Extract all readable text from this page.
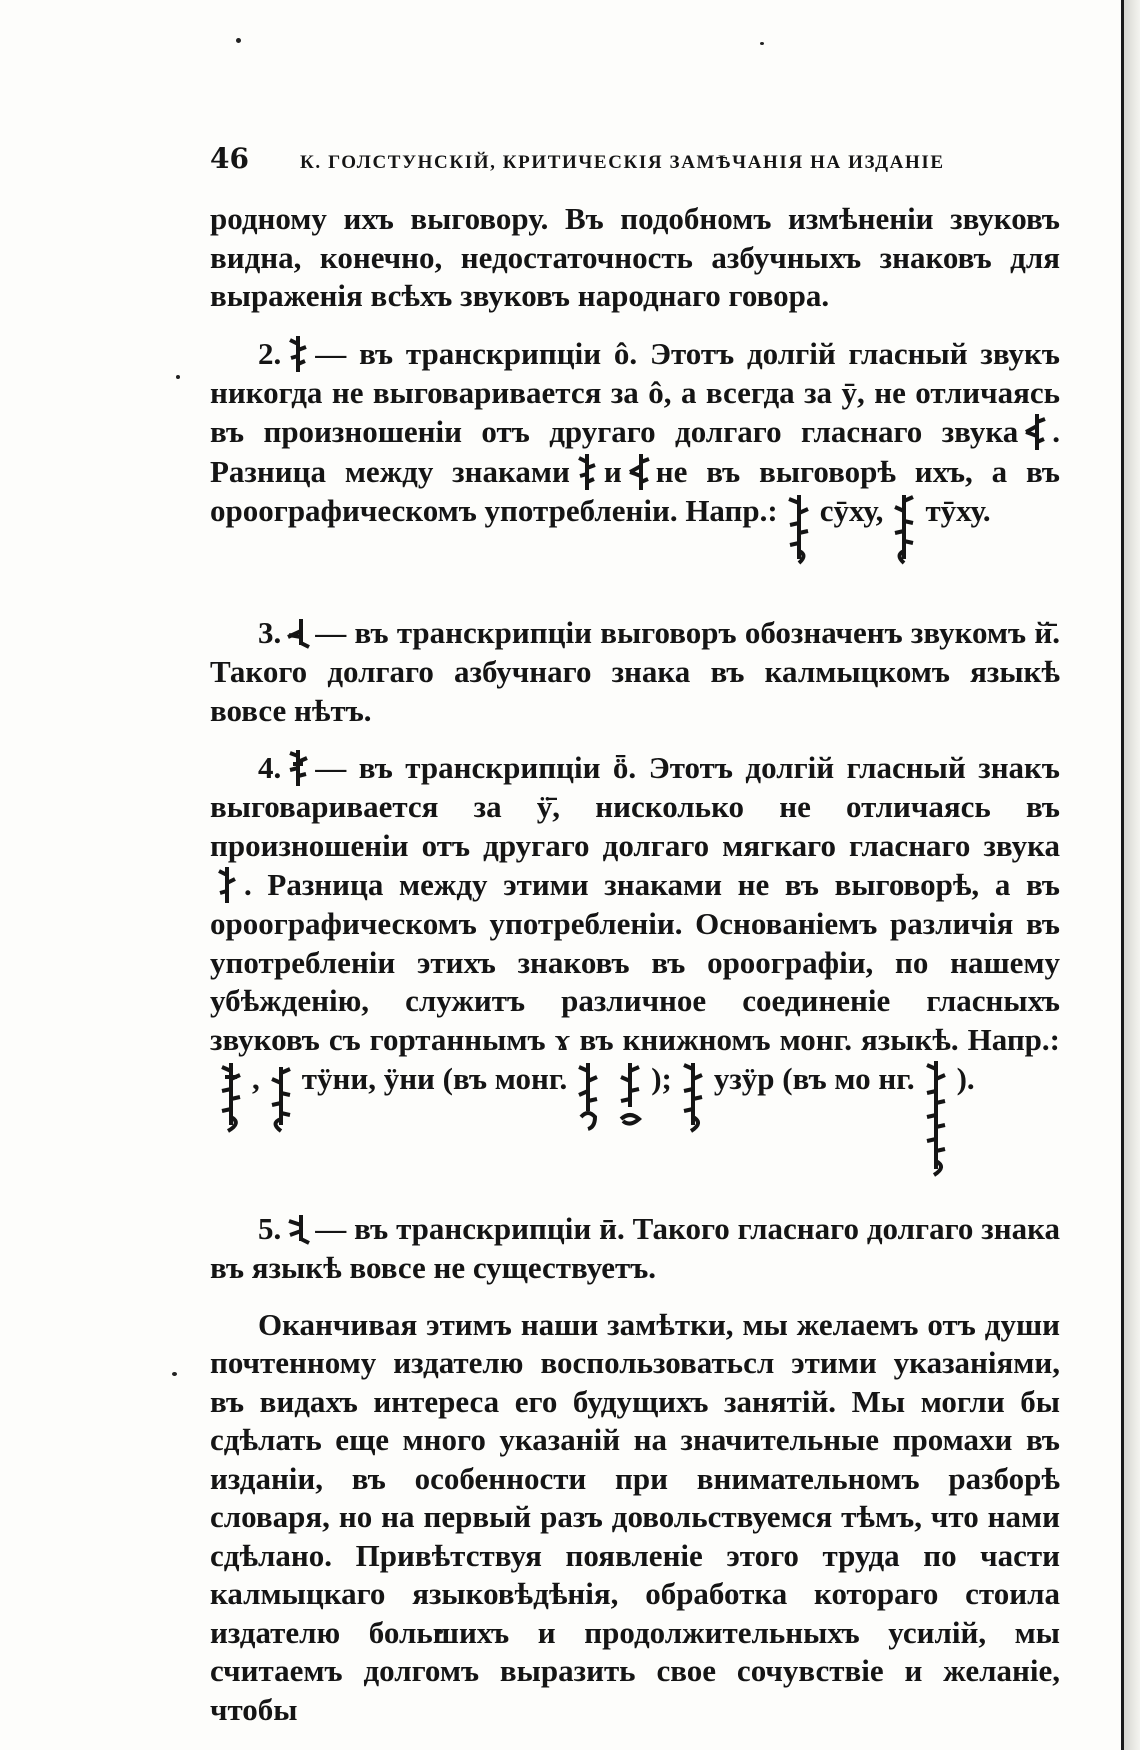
46	К. ГОЛСТУНСКІЙ, КРИТИЧЕСКІЯ ЗАМѢЧАНІЯ НА ИЗДАНІЕ

родному ихъ выговору. Въ подобномъ измѣненіи звуковъ видна, конечно, недостаточность азбучныхъ знаковъ для выраженія всѣхъ звуковъ народнаго говора.

2. — въ транскрипціи ô. Этотъ долгій гласный звукъ никогда не выговаривается за ô, а всегда за ӯ, не отличаясь въ произношеніи отъ другаго долгаго гласнаго звука . Разница между знаками и не въ выговорѣ ихъ, а въ ороографическомъ употребленіи. Напр.: сӯху, тӯху.

3. — въ транскрипціи выговоръ обозначенъ звукомъ й̄. Такого долгаго азбучнаго знака въ калмыцкомъ языкѣ вовсе нѣтъ.

4. — въ транскрипціи ȫ. Этотъ долгій гласный знакъ выговаривается за ӱ̄, нисколько не отличаясь въ произношеніи отъ другаго долгаго мягкаго гласнаго звука
. Разница между этими знаками не въ выговорѣ, а въ ороографическомъ употребленіи. Основаніемъ различія въ употребленіи этихъ знаковъ въ ороографіи, по нашему убѣжденію, служитъ различное соединеніе гласныхъ звуковъ съ гортаннымъ ɤ въ книжномъ монг. языкѣ. Напр.:
, тӱни, ӱни (въ монг.	); узӱр (въ мо нг. ).

5. — въ транскрипціи ӣ. Такого гласнаго долгаго знака въ языкѣ вовсе не существуетъ.

Оканчивая этимъ наши замѣтки, мы желаемъ отъ души почтенному издателю воспользоватьсл этими указаніями, въ видахъ интереса его будущихъ занятій. Мы могли бы сдѣлать еще много указаній на значительные промахи въ изданіи, въ особенности при внимательномъ разборѣ словаря, но на первый разъ довольствуемся тѣмъ, что нами сдѣлано. Привѣтствуя появленіе этого труда по части калмыцкаго языковѣдѣнія, обработка котораго стоила издателю большихъ и продолжительныхъ усилій, мы считаемъ долгомъ выразить свое сочувствіе и желаніе, чтобы
